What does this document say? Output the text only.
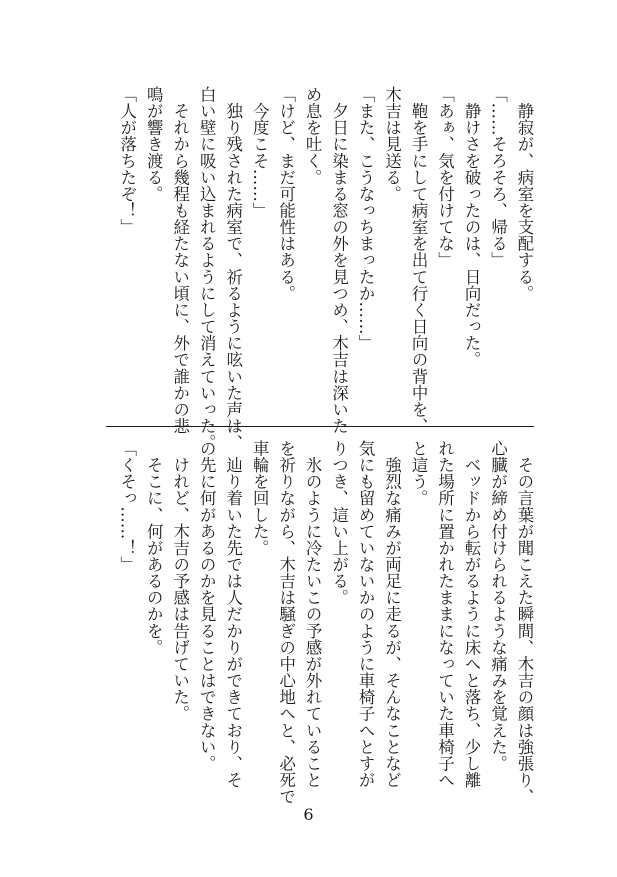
　静寂が、病室を支配する。
「……そろそろ、帰る」
　静けさを破ったのは、日向だった。
「あぁ、気を付けてな」
　鞄を手にして病室を出て行く日向の背中を、
木吉は見送る。
「また、こうなっちまったか……」
　夕日に染まる窓の外を見つめ、木吉は深いた
め息を吐く。
「けど、まだ可能性はある。
　今度こそ……」
　独り残された病室で、祈るように呟いた声は、
白い壁に吸い込まれるようにして消えていった。
　それから幾程も経たない頃に、外で誰かの悲
鳴が響き渡る。
「人が落ちたぞ！」
　その言葉が聞こえた瞬間、木吉の顔は強張り、
心臓が締め付けられるような痛みを覚えた。
　ベッドから転がるように床へと落ち、少し離
れた場所に置かれたままになっていた車椅子へ
と這う。
　強烈な痛みが両足に走るが、そんなことなど
気にも留めていないかのように車椅子へとすが
りつき、這い上がる。
　氷のように冷たいこの予感が外れていること
を祈りながら、木吉は騒ぎの中心地へと、必死で
車輪を回した。
　辿り着いた先では人だかりができており、そ
の先に何があるのかを見ることはできない。
　けれど、木吉の予感は告げていた。
　そこに、何があるのかを。
「くそっ……！」
6
